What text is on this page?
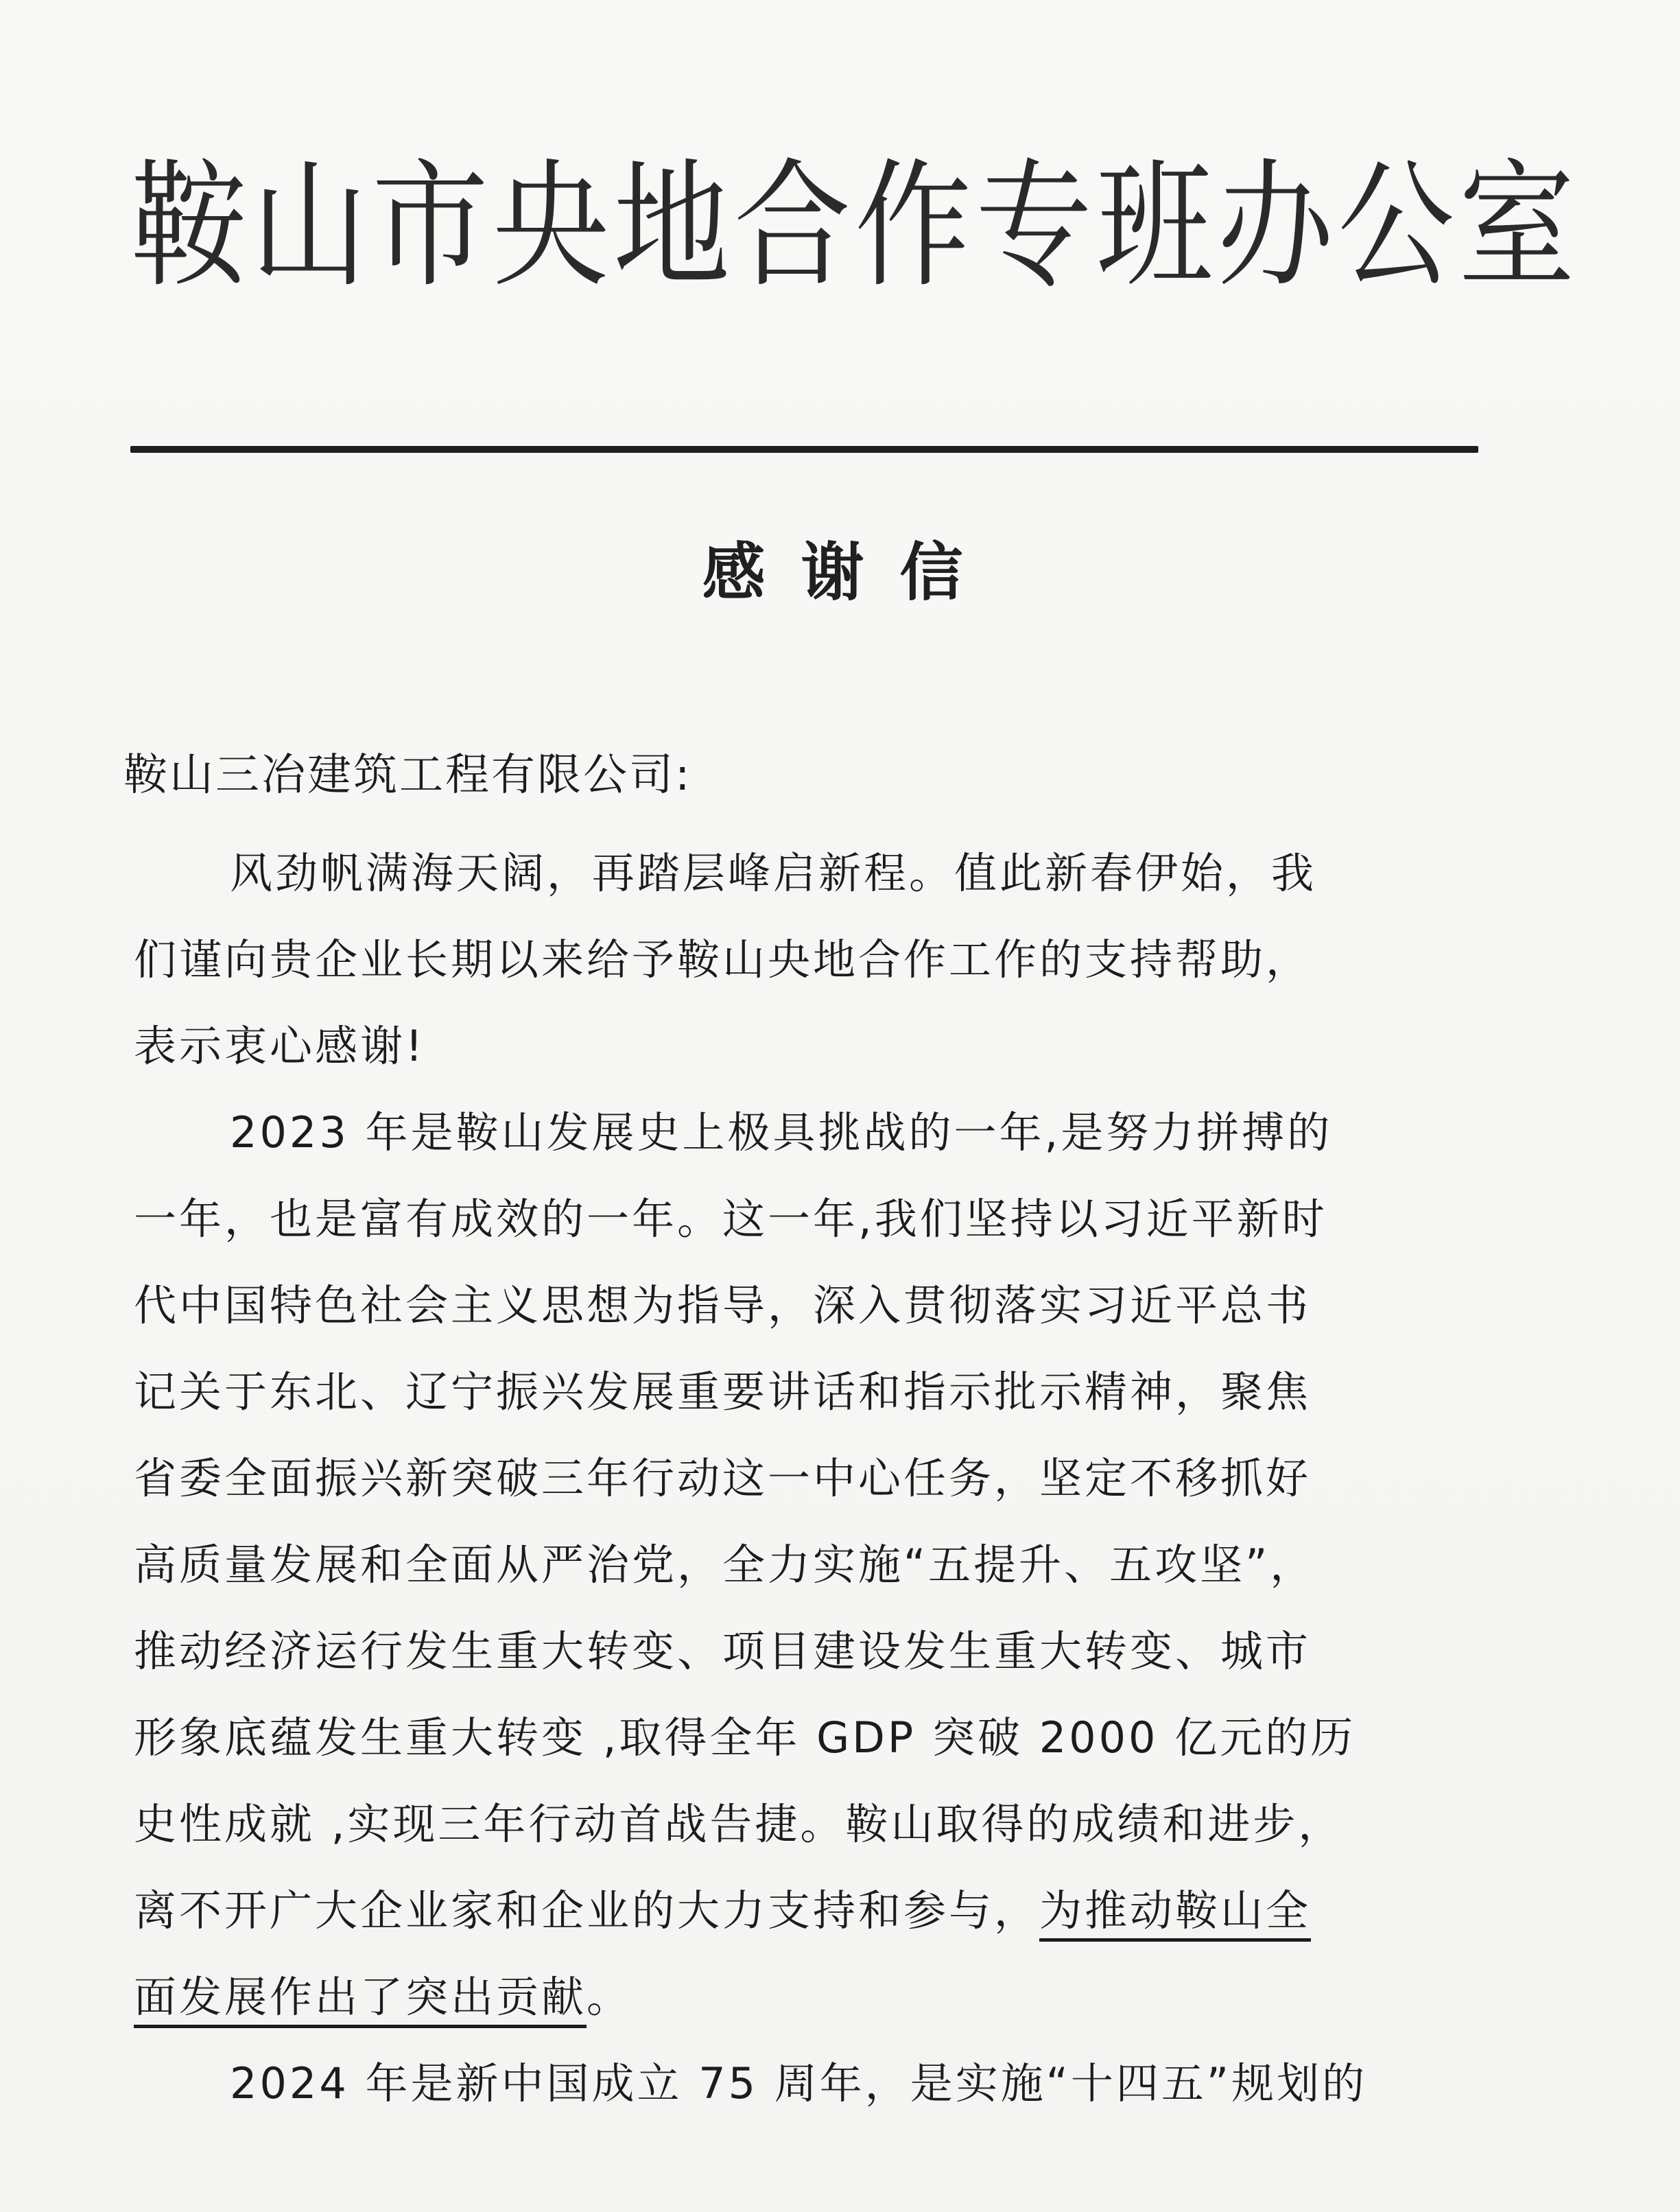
鞍山市央地合作专班办公室
感谢信
鞍山三冶建筑工程有限公司:
风劲帆满海天阔，再踏层峰启新程。值此新春伊始，我
们谨向贵企业长期以来给予鞍山央地合作工作的支持帮助，
表示衷心感谢!
2023 年是鞍山发展史上极具挑战的一年,是努力拼搏的
一年，也是富有成效的一年。这一年,我们坚持以习近平新时
代中国特色社会主义思想为指导，深入贯彻落实习近平总书
记关于东北、辽宁振兴发展重要讲话和指示批示精神，聚焦
省委全面振兴新突破三年行动这一中心任务，坚定不移抓好
高质量发展和全面从严治党，全力实施“五提升、五攻坚”，
推动经济运行发生重大转变、项目建设发生重大转变、城市
形象底蕴发生重大转变 ,取得全年 GDP 突破 2000 亿元的历
史性成就 ,实现三年行动首战告捷。鞍山取得的成绩和进步，
离不开广大企业家和企业的大力支持和参与，为推动鞍山全
面发展作出了突出贡献。
2024 年是新中国成立 75 周年，是实施“十四五”规划的
